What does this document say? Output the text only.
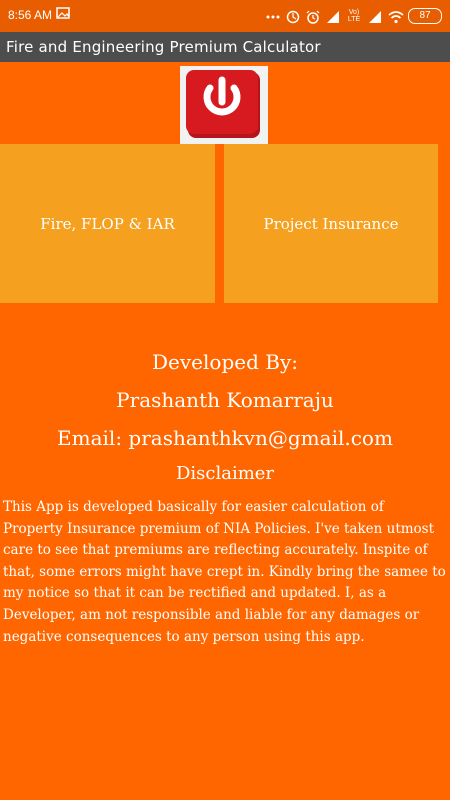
8:56 AM	Vo) LTE	87
Fire and Engineering Premium Calculator
Fire, FLOP & IAR	Project Insurance
Developed By:
Prashanth Komarraju
Email: prashanthkvn@gmail.com
Disclaimer
This App is developed basically for easier calculation of Property Insurance premium of NIA Policies. I've taken utmost care to see that premiums are reflecting accurately. Inspite of that, some errors might have crept in. Kindly bring the samee to my notice so that it can be rectified and updated. I, as a Developer, am not responsible and liable for any damages or negative consequences to any person using this app.
